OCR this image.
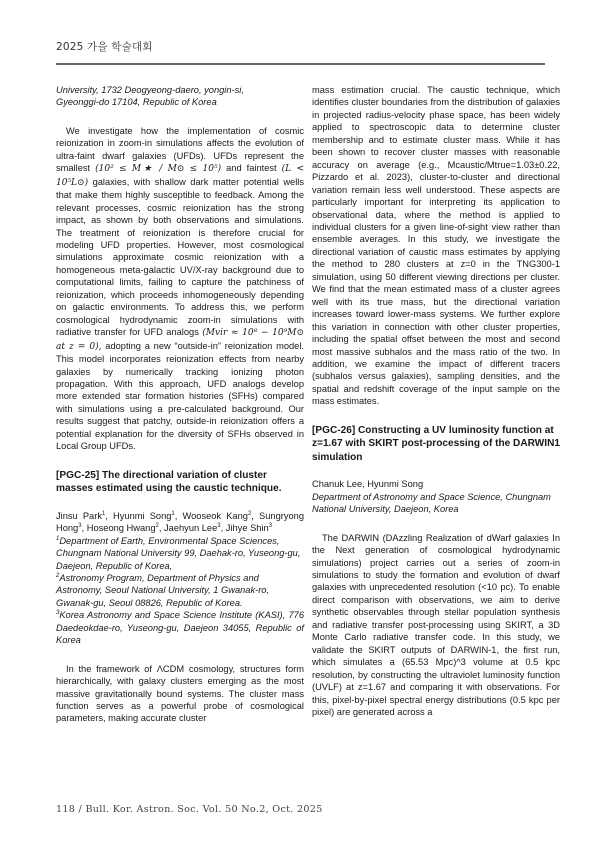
2025 가을 학술대회

University, 1732 Deogyeong-daero, yongin-si, Gyeonggi-do 17104, Republic of Korea

We investigate how the implementation of cosmic reionization in zoom-in simulations affects the evolution of ultra-faint dwarf galaxies (UFDs). UFDs represent the smallest (10² ≤ M★ / M⊙ ≤ 10⁵) and faintest (L < 10⁵L⊙) galaxies, with shallow dark matter potential wells that make them highly susceptible to feedback. Among the relevant processes, cosmic reionization has the strong impact, as shown by both observations and simulations. The treatment of reionization is therefore crucial for modeling UFD properties. However, most cosmological simulations approximate cosmic reionization with a homogeneous meta-galactic UV/X-ray background due to computational limits, failing to capture the patchiness of reionization, which proceeds inhomogeneously depending on galactic environments. To address this, we perform cosmological hydrodynamic zoom-in simulations with radiative transfer for UFD analogs (Mvir ≈ 10⁸ − 10⁹M⊙ at z = 0), adopting a new “outside-in” reionization model. This model incorporates reionization effects from nearby galaxies by numerically tracking ionizing photon propagation. With this approach, UFD analogs develop more extended star formation histories (SFHs) compared with simulations using a pre-calculated background. Our results suggest that patchy, outside-in reionization offers a potential explanation for the diversity of SFHs observed in Local Group UFDs.

[PGC-25] The directional variation of cluster masses estimated using the caustic technique.

Jinsu Park$^1$, Hyunmi Song$^1$, Wooseok Kang$^2$, Sungryong Hong$^3$, Hoseong Hwang$^2$, Jaehyun Lee$^3$, Jihye Shin$^3$

$^1$Department of Earth, Environmental Space Sciences, Chungnam National University 99, Daehak-ro, Yuseong-gu, Daejeon, Republic of Korea,

$^2$Astronomy Program, Department of Physics and Astronomy, Seoul National University, 1 Gwanak-ro, Gwanak-gu, Seoul 08826, Republic of Korea.

$^3$Korea Astronomy and Space Science Institute (KASI), 776 Daedeokdae-ro, Yuseong-gu, Daejeon 34055, Republic of Korea

In the framework of ΛCDM cosmology, structures form hierarchically, with galaxy clusters emerging as the most massive gravitationally bound systems. The cluster mass function serves as a powerful probe of cosmological parameters, making accurate cluster

mass estimation crucial. The caustic technique, which identifies cluster boundaries from the distribution of galaxies in projected radius-velocity phase space, has been widely applied to spectroscopic data to determine cluster membership and to estimate cluster mass. While it has been shown to recover cluster masses with reasonable accuracy on average (e.g., Mcaustic/Mtrue=1.03±0.22, Pizzardo et al. 2023), cluster-to-cluster and directional variation remain less well understood. These aspects are particularly important for interpreting its application to observational data, where the method is applied to individual clusters for a given line-of-sight view rather than ensemble averages. In this study, we investigate the directional variation of caustic mass estimates by applying the method to 280 clusters at z=0 in the TNG300-1 simulation, using 50 different viewing directions per cluster. We find that the mean estimated mass of a cluster agrees well with its true mass, but the directional variation increases toward lower-mass systems. We further explore this variation in connection with other cluster properties, including the spatial offset between the most and second most massive subhalos and the mass ratio of the two. In addition, we examine the impact of different tracers (subhalos versus galaxies), sampling densities, and the spatial and redshift coverage of the input sample on the mass estimates.

[PGC-26] Constructing a UV luminosity function at z=1.67 with SKIRT post-processing of the DARWIN1 simulation

Chanuk Lee, Hyunmi Song

Department of Astronomy and Space Science, Chungnam National University, Daejeon, Korea

The DARWIN (DAzzling Realization of dWarf galaxies In the Next generation of cosmological hydrodynamic simulations) project carries out a series of zoom-in simulations to study the formation and evolution of dwarf galaxies with unprecedented resolution (<10 pc). To enable direct comparison with observations, we aim to derive synthetic observables through stellar population synthesis and radiative transfer post-processing using SKIRT, a 3D Monte Carlo radiative transfer code. In this study, we validate the SKIRT outputs of DARWIN-1, the first run, which simulates a (65.53 Mpc)^3 volume at 0.5 kpc resolution, by constructing the ultraviolet luminosity function (UVLF) at z=1.67 and comparing it with observations. For this, pixel-by-pixel spectral energy distributions (0.5 kpc per pixel) are generated across a

118 / Bull. Kor. Astron. Soc. Vol. 50 No.2, Oct. 2025
